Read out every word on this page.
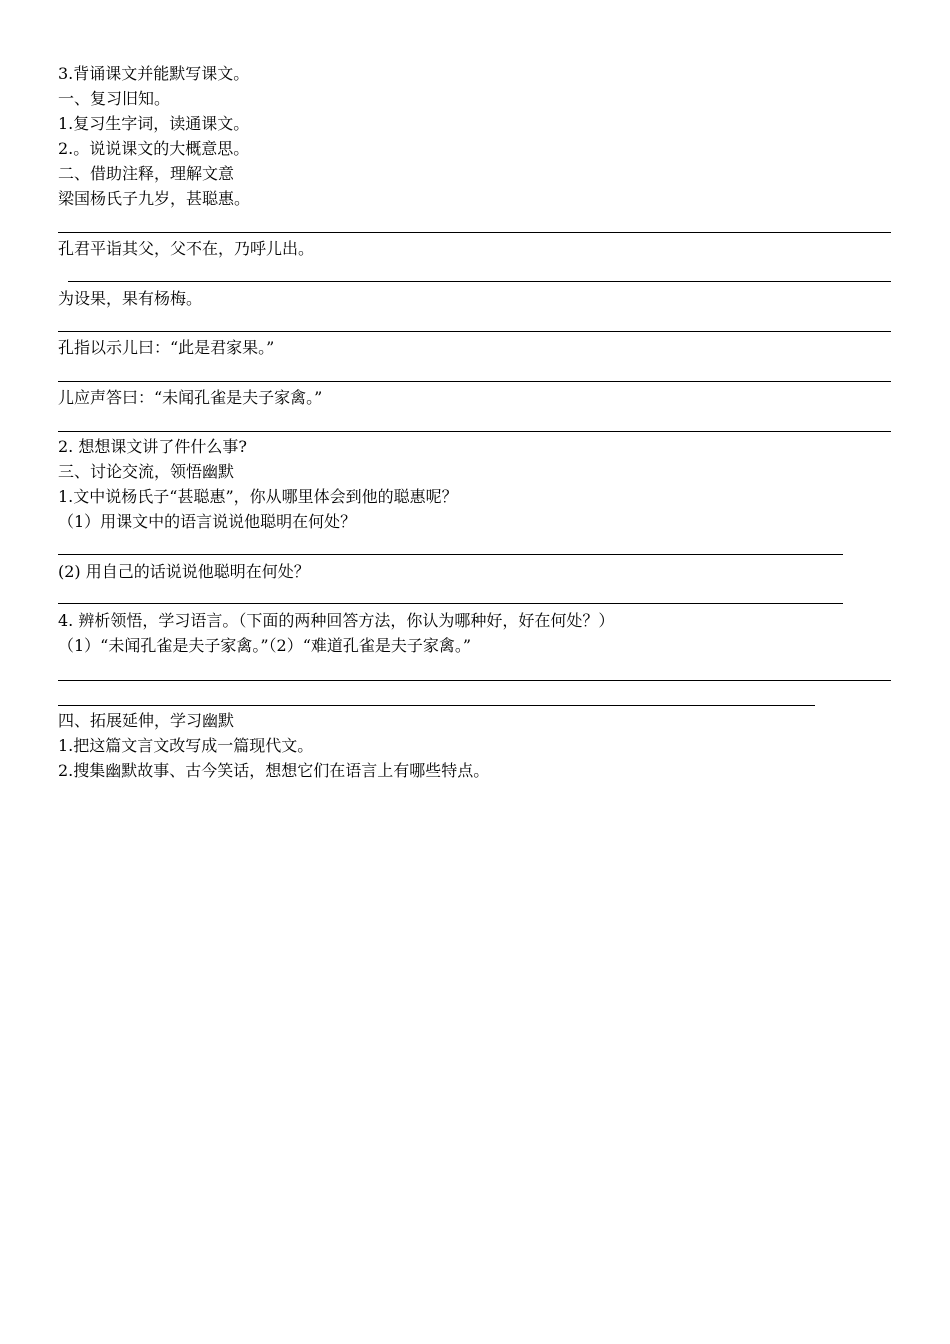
3.背诵课文并能默写课文。
一、复习旧知。
1.复习生字词，读通课文。
2.。说说课文的大概意思。
二、借助注释，理解文意
梁国杨氏子九岁，甚聪惠。
孔君平诣其父，父不在，乃呼儿出。
为设果，果有杨梅。
孔指以示儿曰：“此是君家果。”
儿应声答曰：“未闻孔雀是夫子家禽。”
2. 想想课文讲了件什么事?
三、讨论交流，领悟幽默
1.文中说杨氏子“甚聪惠”，你从哪里体会到他的聪惠呢？
（1）用课文中的语言说说他聪明在何处？
(2) 用自己的话说说他聪明在何处？
4. 辨析领悟，学习语言。（下面的两种回答方法，你认为哪种好，好在何处？）
（1）“未闻孔雀是夫子家禽。”（2）“难道孔雀是夫子家禽。”
四、拓展延伸，学习幽默
1.把这篇文言文改写成一篇现代文。
2.搜集幽默故事、古今笑话，想想它们在语言上有哪些特点。
